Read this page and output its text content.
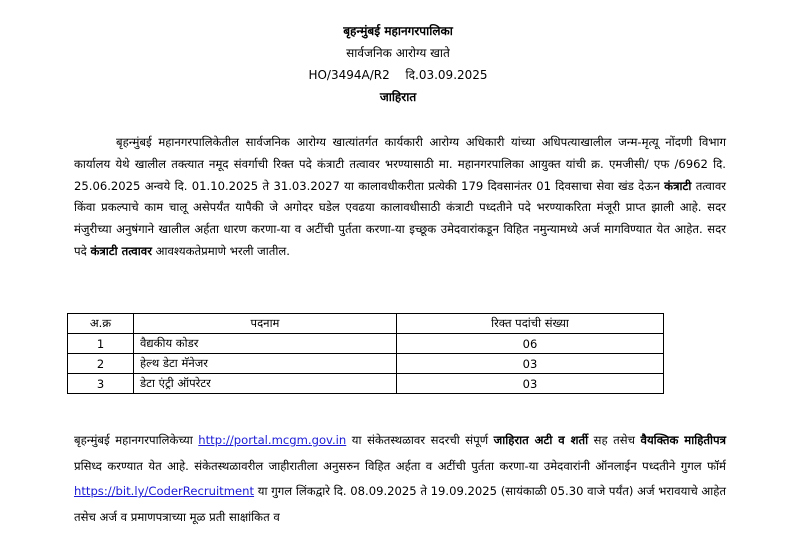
बृहन्मुंबई महानगरपालिका
सार्वजनिक आरोग्य खाते
HO/3494A/R2 दि.03.09.2025
जाहिरात

बृहन्मुंबई महानगरपालिकेतील सार्वजनिक आरोग्य खात्यांतर्गत कार्यकारी आरोग्य अधिकारी यांच्या अधिपत्याखालील जन्म-मृत्यू नोंदणी विभाग कार्यालय येथे खालील तक्त्यात नमूद संवर्गाची रिक्त पदे कंत्राटी तत्वावर भरण्यासाठी मा. महानगरपालिका आयुक्त यांची क्र. एमजीसी/ एफ /6962 दि. 25.06.2025 अन्वये दि. 01.10.2025 ते 31.03.2027 या कालावधीकरीता प्रत्येकी 179 दिवसानंतर 01 दिवसाचा सेवा खंड देऊन कंत्राटी तत्वावर किंवा प्रकल्पाचे काम चालू असेपर्यंत यापैकी जे अगोदर घडेल एवढया कालावधीसाठी कंत्राटी पध्दतीने पदे भरण्याकरिता मंजूरी प्राप्त झाली आहे. सदर मंजुरीच्या अनुषंगाने खालील अर्हता धारण करणा-या व अटींची पुर्तता करणा-या इच्छूक उमेदवारांकडून विहित नमुन्यामध्ये अर्ज मागविण्यात येत आहेत. सदर पदे कंत्राटी तत्वावर आवश्यकतेप्रमाणे भरली जातील.

अ.क्र	पदनाम	रिक्त पदांची संख्या
1	वैद्यकीय कोडर	06
2	हेल्थ डेटा मॅनेजर	03
3	डेटा एंट्री ऑपरेटर	03

बृहन्मुंबई महानगरपालिकेच्या http://portal.mcgm.gov.in या संकेतस्थळावर सदरची संपूर्ण जाहिरात अटी व शर्ती सह तसेच वैयक्तिक माहितीपत्र प्रसिध्द करण्यात येत आहे. संकेतस्थळावरील जाहीरातीला अनुसरुन विहित अर्हता व अटींची पुर्तता करणा-या उमेदवारांनी ऑनलाईन पध्दतीने गुगल फॉर्म https://bit.ly/CoderRecruitment या गुगल लिंकद्वारे दि. 08.09.2025 ते 19.09.2025 (सायंकाळी 05.30 वाजे पर्यंत) अर्ज भरावयाचे आहेत तसेच अर्ज व प्रमाणपत्राच्या मूळ प्रती साक्षांकित व
